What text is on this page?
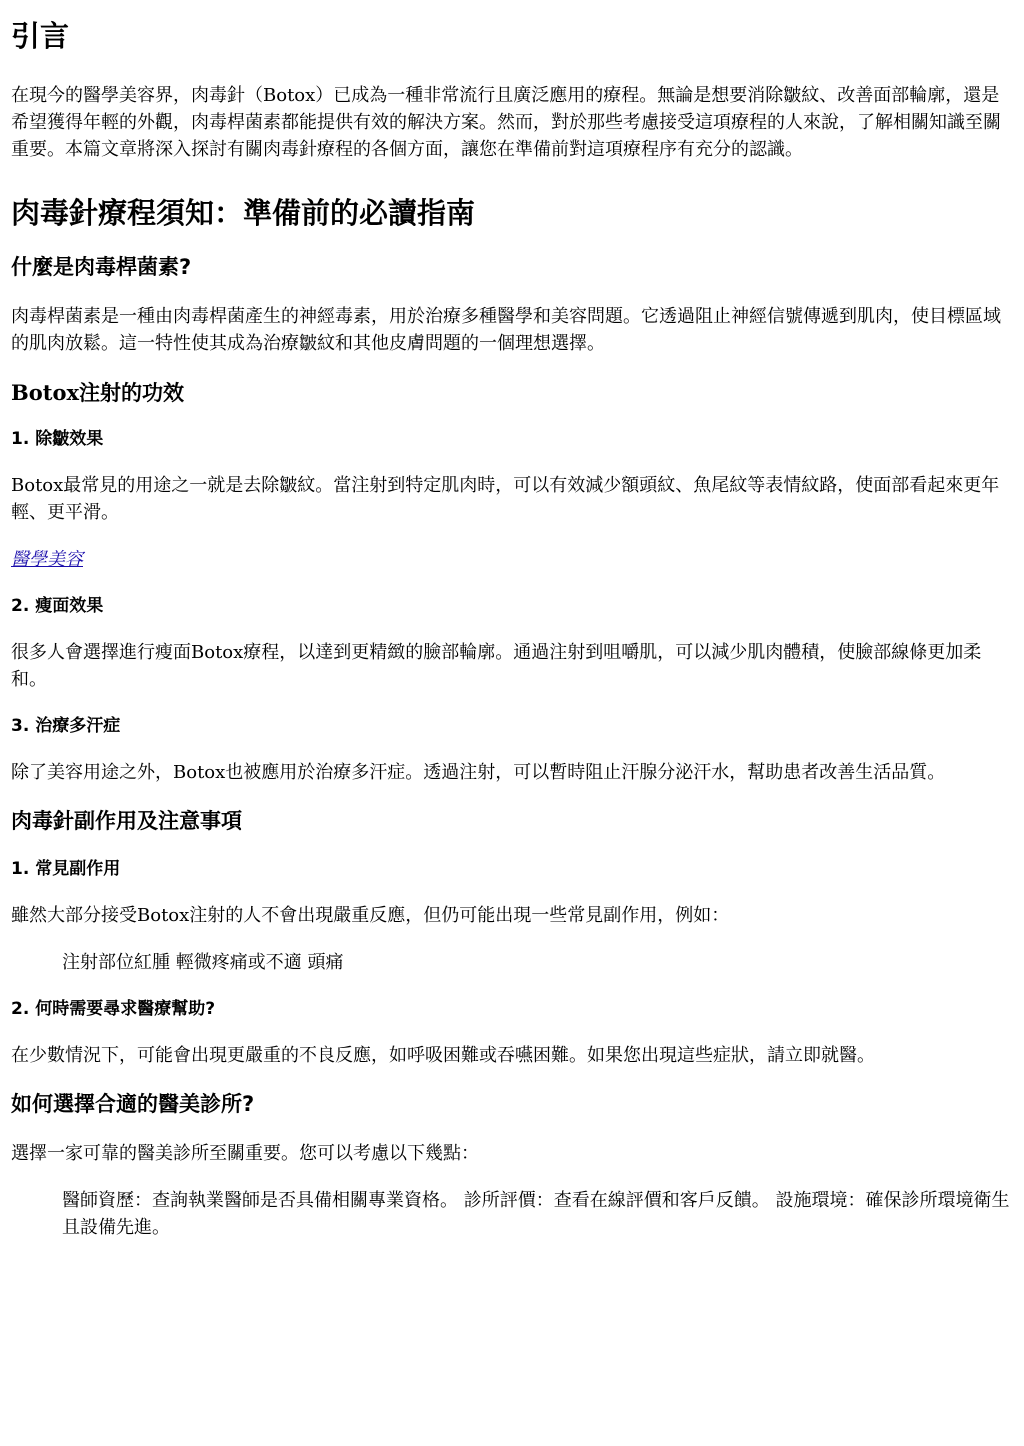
引言

在現今的醫學美容界，肉毒針（Botox）已成為一種非常流行且廣泛應用的療程。無論是想要消除皺紋、改善面部輪廓，還是希望獲得年輕的外觀，肉毒桿菌素都能提供有效的解決方案。然而，對於那些考慮接受這項療程的人來說，了解相關知識至關重要。本篇文章將深入探討有關肉毒針療程的各個方面，讓您在準備前對這項療程序有充分的認識。

肉毒針療程須知：準備前的必讀指南
什麼是肉毒桿菌素?

肉毒桿菌素是一種由肉毒桿菌產生的神經毒素，用於治療多種醫學和美容問題。它透過阻止神經信號傳遞到肌肉，使目標區域的肌肉放鬆。這一特性使其成為治療皺紋和其他皮膚問題的一個理想選擇。

Botox注射的功效
1. 除皺效果

Botox最常見的用途之一就是去除皺紋。當注射到特定肌肉時，可以有效減少額頭紋、魚尾紋等表情紋路，使面部看起來更年輕、更平滑。

醫學美容

2. 瘦面效果

很多人會選擇進行瘦面Botox療程，以達到更精緻的臉部輪廓。通過注射到咀嚼肌，可以減少肌肉體積，使臉部線條更加柔和。

3. 治療多汗症

除了美容用途之外，Botox也被應用於治療多汗症。透過注射，可以暫時阻止汗腺分泌汗水，幫助患者改善生活品質。

肉毒針副作用及注意事項
1. 常見副作用

雖然大部分接受Botox注射的人不會出現嚴重反應，但仍可能出現一些常見副作用，例如：

注射部位紅腫 輕微疼痛或不適 頭痛
2. 何時需要尋求醫療幫助?

在少數情況下，可能會出現更嚴重的不良反應，如呼吸困難或吞嚥困難。如果您出現這些症狀，請立即就醫。

如何選擇合適的醫美診所?

選擇一家可靠的醫美診所至關重要。您可以考慮以下幾點：

醫師資歷：查詢執業醫師是否具備相關專業資格。 診所評價：查看在線評價和客戶反饋。 設施環境：確保診所環境衛生且設備先進。
